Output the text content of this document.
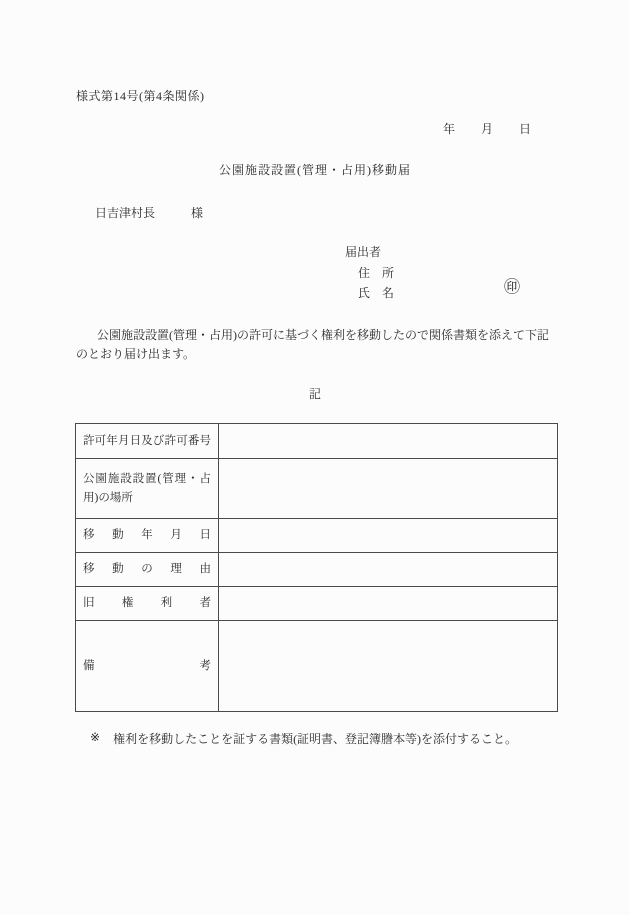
様式第14号(第4条関係)
年 月 日
公園施設設置(管理・占用)移動届
日吉津村長	様
届出者
住　所
氏　名	㊞
公園施設設置(管理・占用)の許可に基づく権利を移動したので関係書類を添えて下記
のとおり届け出ます。
記
許可年月日及び許可番号	
公園施設設置(管理・占用)の場所	
移　動　年　月　日	
移　動　の　理　由	
旧　権　利　者	
備　　　　　　　考	
※ 権利を移動したことを証する書類(証明書、登記簿謄本等)を添付すること。
